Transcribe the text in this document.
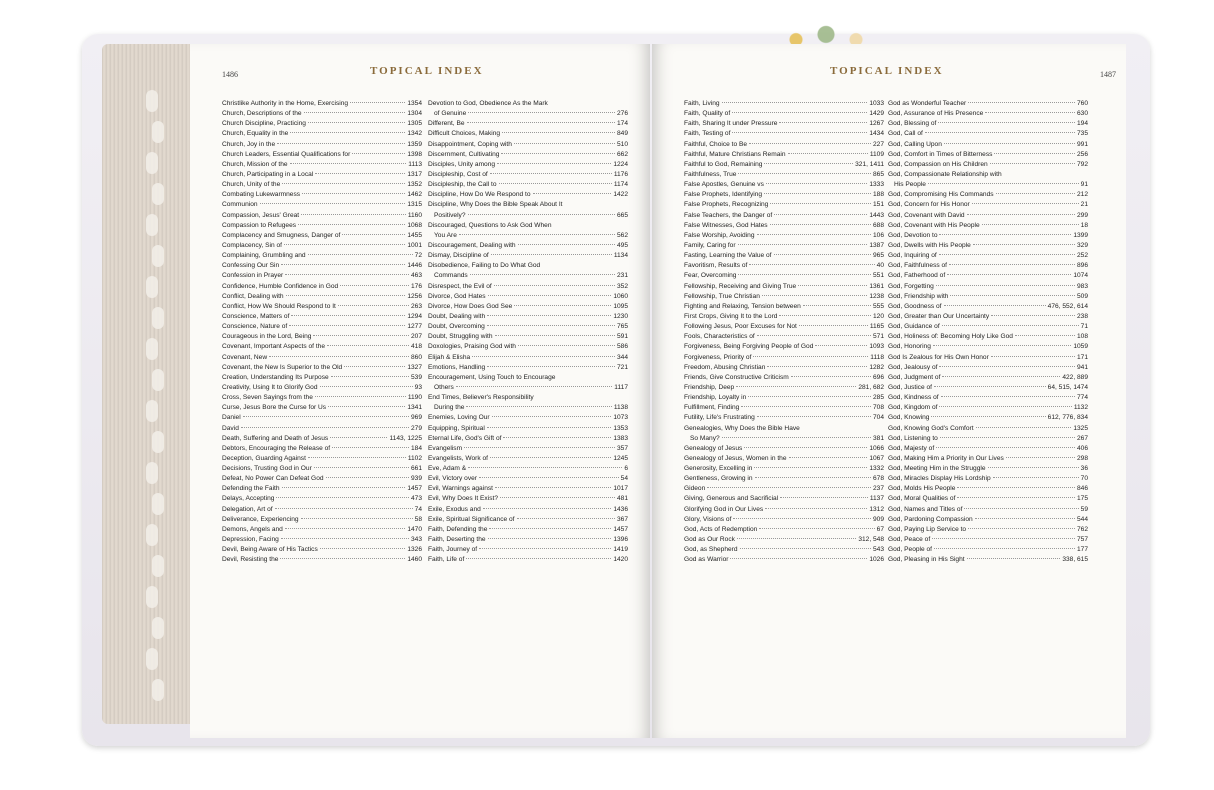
1486	TOPICAL INDEX	1487
TOPICAL INDEX
Christlike Authority in the Home, Exercising	1354
Church, Descriptions of the	1304
Church Discipline, Practicing	1305
Church, Equality in the	1342
Church, Joy in the	1359
Church Leaders, Essential Qualifications for	1398
Church, Mission of the	1113
Church, Participating in a Local	1317
Church, Unity of the	1352
Combating Lukewarmness	1462
Communion	1315
Compassion, Jesus' Great	1160
Compassion to Refugees	1068
Complacency and Smugness, Danger of	1455
Complacency, Sin of	1001
Complaining, Grumbling and	72
Confessing Our Sin	1446
Confession in Prayer	463
Confidence, Humble Confidence in God	176
Conflict, Dealing with	1256
Conflict, How We Should Respond to It	263
Conscience, Matters of	1294
Conscience, Nature of	1277
Courageous in the Lord, Being	207
Covenant, Important Aspects of the	418
Covenant, New	860
Covenant, the New Is Superior to the Old	1327
Creation, Understanding Its Purpose	539
Creativity, Using It to Glorify God	93
Cross, Seven Sayings from the	1190
Curse, Jesus Bore the Curse for Us	1341
Daniel	969
David	279
Death, Suffering and Death of Jesus	1143, 1225
Debtors, Encouraging the Release of	184
Deception, Guarding Against	1102
Decisions, Trusting God in Our	661
Defeat, No Power Can Defeat God	939
Defending the Faith	1457
Delays, Accepting	473
Delegation, Art of	74
Deliverance, Experiencing	58
Demons, Angels and	1470
Depression, Facing	343
Devil, Being Aware of His Tactics	1326
Devil, Resisting the	1460
Devotion to God, Obedience As the Mark
of Genuine	276
Different, Be	174
Difficult Choices, Making	849
Disappointment, Coping with	510
Discernment, Cultivating	662
Disciples, Unity among	1224
Discipleship, Cost of	1176
Discipleship, the Call to	1174
Discipline, How Do We Respond to	1422
Discipline, Why Does the Bible Speak About It
Positively?	665
Discouraged, Questions to Ask God When
You Are	562
Discouragement, Dealing with	495
Dismay, Discipline of	1134
Disobedience, Failing to Do What God
Commands	231
Disrespect, the Evil of	352
Divorce, God Hates	1060
Divorce, How Does God See	1095
Doubt, Dealing with	1230
Doubt, Overcoming	765
Doubt, Struggling with	591
Doxologies, Praising God with	586
Elijah & Elisha	344
Emotions, Handling	721
Encouragement, Using Touch to Encourage
Others	1117
End Times, Believer's Responsibility
During the	1138
Enemies, Loving Our	1073
Equipping, Spiritual	1353
Eternal Life, God's Gift of	1383
Evangelism	357
Evangelists, Work of	1245
Eve, Adam &	6
Evil, Victory over	54
Evil, Warnings against	1017
Evil, Why Does It Exist?	481
Exile, Exodus and	1436
Exile, Spiritual Significance of	367
Faith, Defending the	1457
Faith, Deserting the	1396
Faith, Journey of	1419
Faith, Life of	1420
Faith, Living	1033
Faith, Quality of	1429
Faith, Sharing It under Pressure	1267
Faith, Testing of	1434
Faithful, Choice to Be	227
Faithful, Mature Christians Remain	1109
Faithful to God, Remaining	321, 1411
Faithfulness, True	865
False Apostles, Genuine vs	1333
False Prophets, Identifying	188
False Prophets, Recognizing	151
False Teachers, the Danger of	1443
False Witnesses, God Hates	688
False Worship, Avoiding	106
Family, Caring for	1387
Fasting, Learning the Value of	965
Favoritism, Results of	40
Fear, Overcoming	551
Fellowship, Receiving and Giving True	1361
Fellowship, True Christian	1238
Fighting and Relaxing, Tension between	555
First Crops, Giving It to the Lord	120
Following Jesus, Poor Excuses for Not	1165
Fools, Characteristics of	571
Forgiveness, Being Forgiving People of God	1093
Forgiveness, Priority of	1118
Freedom, Abusing Christian	1282
Friends, Give Constructive Criticism	696
Friendship, Deep	281, 682
Friendship, Loyalty in	285
Fulfillment, Finding	708
Futility, Life's Frustrating	704
Genealogies, Why Does the Bible Have
So Many?	381
Genealogy of Jesus	1066
Genealogy of Jesus, Women in the	1067
Generosity, Excelling in	1332
Gentleness, Growing in	678
Gideon	237
Giving, Generous and Sacrificial	1137
Glorifying God in Our Lives	1312
Glory, Visions of	909
God, Acts of Redemption	67
God as Our Rock	312, 548
God, as Shepherd	543
God as Warrior	1026
God as Wonderful Teacher	760
God, Assurance of His Presence	630
God, Blessing of	194
God, Call of	735
God, Calling Upon	991
God, Comfort in Times of Bitterness	256
God, Compassion on His Children	792
God, Compassionate Relationship with
His People	91
God, Compromising His Commands	212
God, Concern for His Honor	21
God, Covenant with David	299
God, Covenant with His People	18
God, Devotion to	1399
God, Dwells with His People	329
God, Inquiring of	252
God, Faithfulness of	896
God, Fatherhood of	1074
God, Forgetting	983
God, Friendship with	509
God, Goodness of	476, 552, 614
God, Greater than Our Uncertainty	238
God, Guidance of	71
God, Holiness of: Becoming Holy Like God	108
God, Honoring	1059
God Is Zealous for His Own Honor	171
God, Jealousy of	941
God, Judgment of	422, 889
God, Justice of	64, 515, 1474
God, Kindness of	774
God, Kingdom of	1132
God, Knowing	612, 776, 834
God, Knowing God's Comfort	1325
God, Listening to	267
God, Majesty of	406
God, Making Him a Priority in Our Lives	298
God, Meeting Him in the Struggle	36
God, Miracles Display His Lordship	70
God, Molds His People	846
God, Moral Qualities of	175
God, Names and Titles of	59
God, Pardoning Compassion	544
God, Paying Lip Service to	762
God, Peace of	757
God, People of	177
God, Pleasing in His Sight	338, 615
